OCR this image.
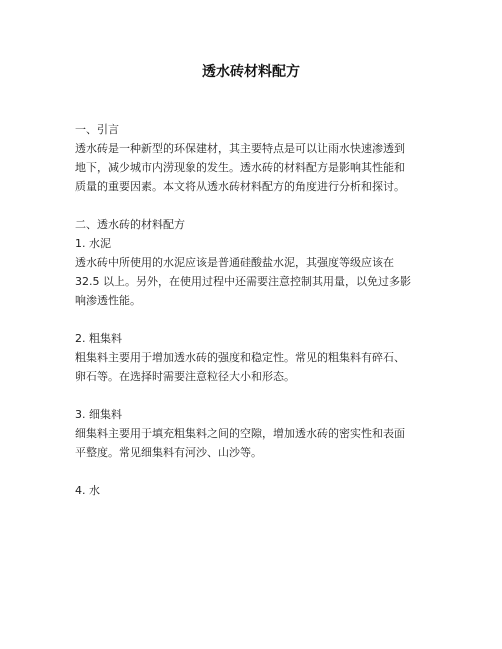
透水砖材料配方
一、引言
透水砖是一种新型的环保建材，其主要特点是可以让雨水快速渗透到
地下，减少城市内涝现象的发生。透水砖的材料配方是影响其性能和
质量的重要因素。本文将从透水砖材料配方的角度进行分析和探讨。
二、透水砖的材料配方
1. 水泥
透水砖中所使用的水泥应该是普通硅酸盐水泥，其强度等级应该在
32.5 以上。另外，在使用过程中还需要注意控制其用量，以免过多影
响渗透性能。
2. 粗集料
粗集料主要用于增加透水砖的强度和稳定性。常见的粗集料有碎石、
卵石等。在选择时需要注意粒径大小和形态。
3. 细集料
细集料主要用于填充粗集料之间的空隙，增加透水砖的密实性和表面
平整度。常见细集料有河沙、山沙等。
4. 水
